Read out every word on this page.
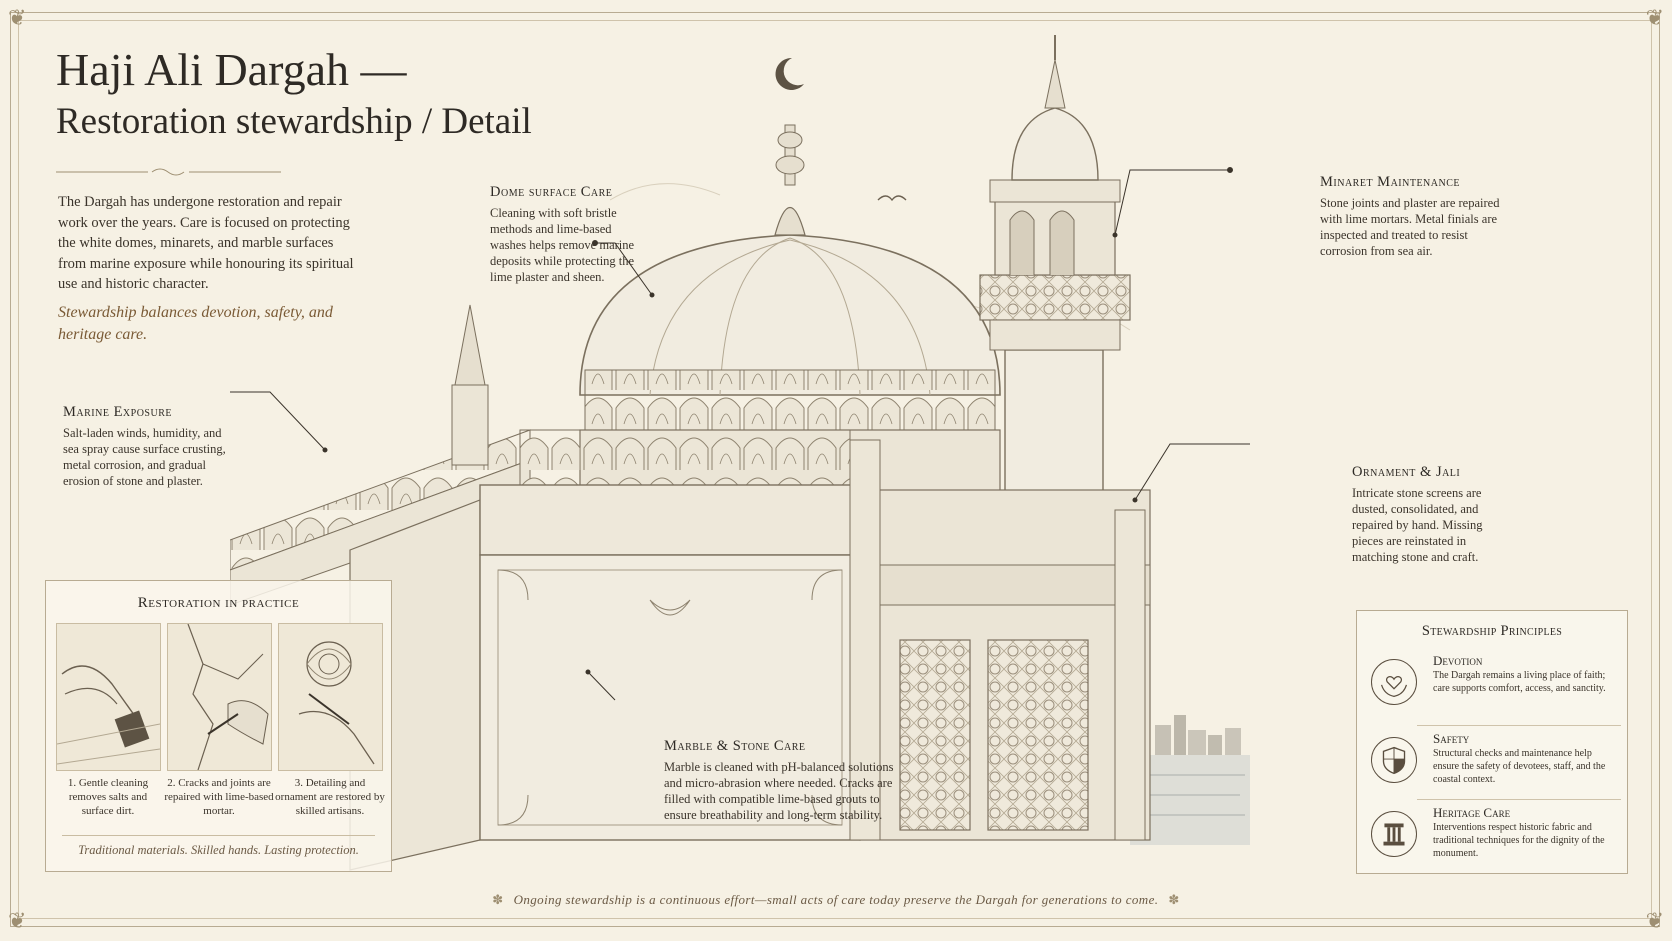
❦	❦
❦	❦
Haji Ali Dargah —
Restoration stewardship / Detail
The Dargah has undergone restoration and repair work over the years. Care is focused on protecting the white domes, minarets, and marble surfaces from marine exposure while honouring its spiritual use and historic character.
Stewardship balances devotion, safety, and heritage care.
Dome surface Care
Cleaning with soft bristle methods and lime-based washes helps remove marine deposits while protecting the lime plaster and sheen.
Minaret Maintenance
Stone joints and plaster are repaired with lime mortars. Metal finials are inspected and treated to resist corrosion from sea air.
Marine Exposure
Salt-laden winds, humidity, and sea spray cause surface crusting, metal corrosion, and gradual erosion of stone and plaster.
Ornament & Jali
Intricate stone screens are dusted, consolidated, and repaired by hand. Missing pieces are reinstated in matching stone and craft.
Marble & Stone Care
Marble is cleaned with pH-balanced solutions and micro-abrasion where needed. Cracks are filled with compatible lime-based grouts to ensure breathability and long-term stability.
Restoration in practice
1. Gentle cleaning removes salts and surface dirt.
2. Cracks and joints are repaired with lime-based mortar.
3. Detailing and ornament are restored by skilled artisans.
Traditional materials. Skilled hands. Lasting protection.
Stewardship Principles
Devotion
The Dargah remains a living place of faith; care supports comfort, access, and sanctity.
Safety
Structural checks and maintenance help ensure the safety of devotees, staff, and the coastal context.
Heritage Care
Interventions respect historic fabric and traditional techniques for the dignity of the monument.
✽ Ongoing stewardship is a continuous effort—small acts of care today preserve the Dargah for generations to come. ✽
